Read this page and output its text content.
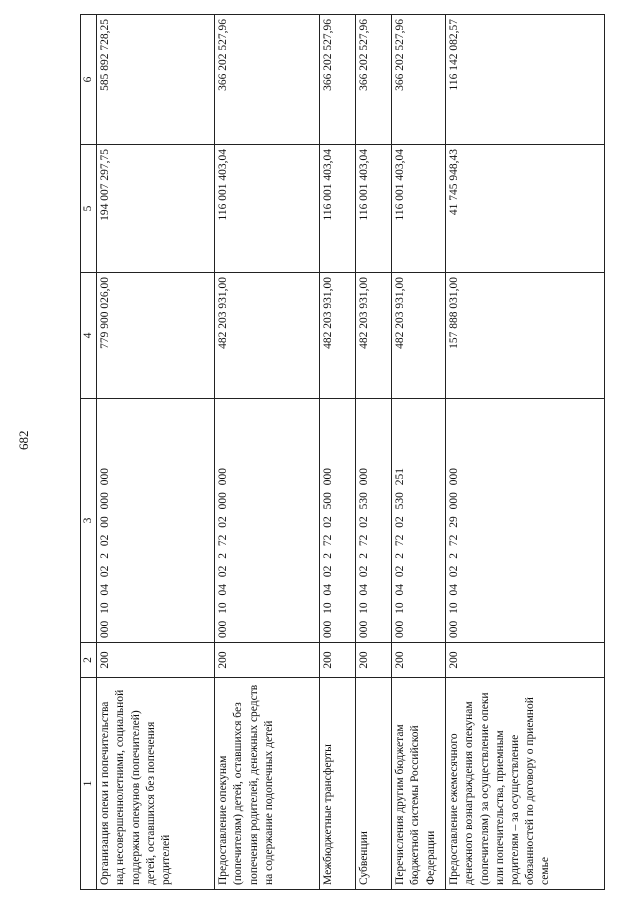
682
1	2	3	4	5	6
Организация опеки и попечительства над несовершеннолетними, социальной поддержки опекунов (попечителей) детей, оставшихся без попечения родителей	200	000 10 04 02 2 02 00 000 000	779 900 026,00	194 007 297,75	585 892 728,25
Предоставление опекунам (попечителям) детей, оставшихся без попечения родителей, денежных средств на содержание подопечных детей	200	000 10 04 02 2 72 02 000 000	482 203 931,00	116 001 403,04	366 202 527,96
Межбюджетные трансферты	200	000 10 04 02 2 72 02 500 000	482 203 931,00	116 001 403,04	366 202 527,96
Субвенции	200	000 10 04 02 2 72 02 530 000	482 203 931,00	116 001 403,04	366 202 527,96
Перечисления другим бюджетам бюджетной системы Российской Федерации	200	000 10 04 02 2 72 02 530 251	482 203 931,00	116 001 403,04	366 202 527,96
Предоставление ежемесячного денежного вознаграждения опекунам (попечителям) за осуществление опеки или попечительства, приемным родителям – за осуществление обязанностей по договору о приемной семье	200	000 10 04 02 2 72 29 000 000	157 888 031,00	41 745 948,43	116 142 082,57
